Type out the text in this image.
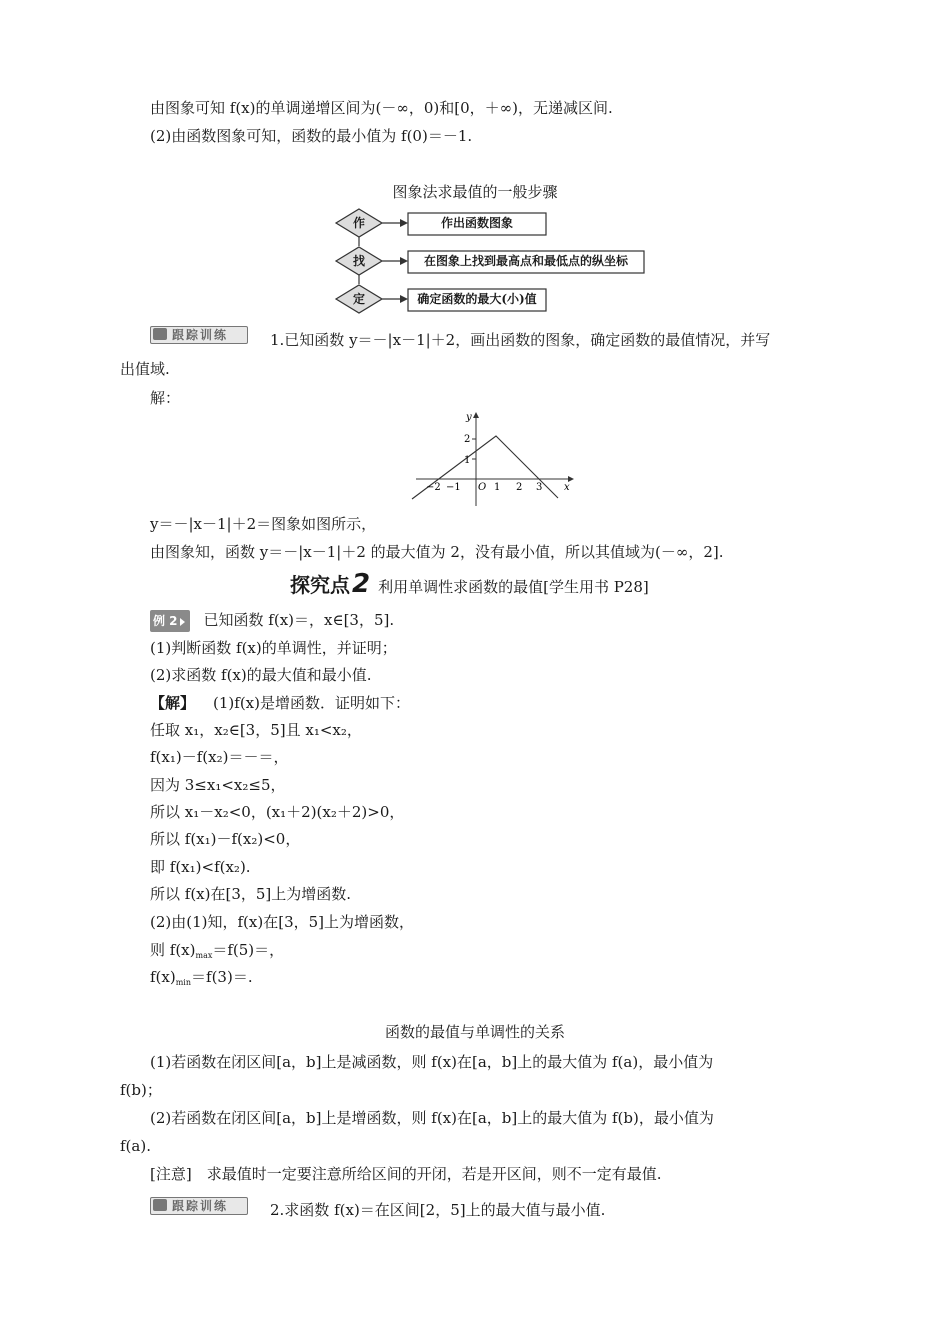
由图象可知 f(x)的单调递增区间为(－∞，0)和[0，＋∞)，无递减区间.
(2)由函数图象可知，函数的最小值为 f(0)＝－1.
图象法求最值的一般步骤
作
找
定
作出函数图象
在图象上找到最高点和最低点的纵坐标
确定函数的最大(小)值
跟踪训练	1.已知函数 y＝－|x－1|＋2，画出函数的图象，确定函数的最值情况，并写
出值域.
解：
y
x
1
2
−2 −1 O 1 2 3
y＝－|x－1|＋2＝图象如图所示，
由图象知，函数 y＝－|x－1|＋2 的最大值为 2，没有最小值，所以其值域为(－∞，2].
探究点2 利用单调性求函数的最值[学生用书 P28]
例 2 已知函数 f(x)＝，x∈[3，5].
(1)判断函数 f(x)的单调性，并证明；
(2)求函数 f(x)的最大值和最小值.
【解】 (1)f(x)是增函数．证明如下：
任取 x₁，x₂∈[3，5]且 x₁<x₂，
f(x₁)－f(x₂)＝－＝，
因为 3≤x₁<x₂≤5，
所以 x₁－x₂<0，(x₁＋2)(x₂＋2)>0，
所以 f(x₁)－f(x₂)<0，
即 f(x₁)<f(x₂).
所以 f(x)在[3，5]上为增函数.
(2)由(1)知，f(x)在[3，5]上为增函数，
则 $f(x)_{max}=f(5)=$，
$f(x)_{min}=f(3)=$.
函数的最值与单调性的关系
(1)若函数在闭区间[a，b]上是减函数，则 f(x)在[a，b]上的最大值为 f(a)，最小值为
f(b)；
(2)若函数在闭区间[a，b]上是增函数，则 f(x)在[a，b]上的最大值为 f(b)，最小值为
f(a).
[注意]　求最值时一定要注意所给区间的开闭，若是开区间，则不一定有最值.
跟踪训练	2.求函数 f(x)＝在区间[2，5]上的最大值与最小值.
